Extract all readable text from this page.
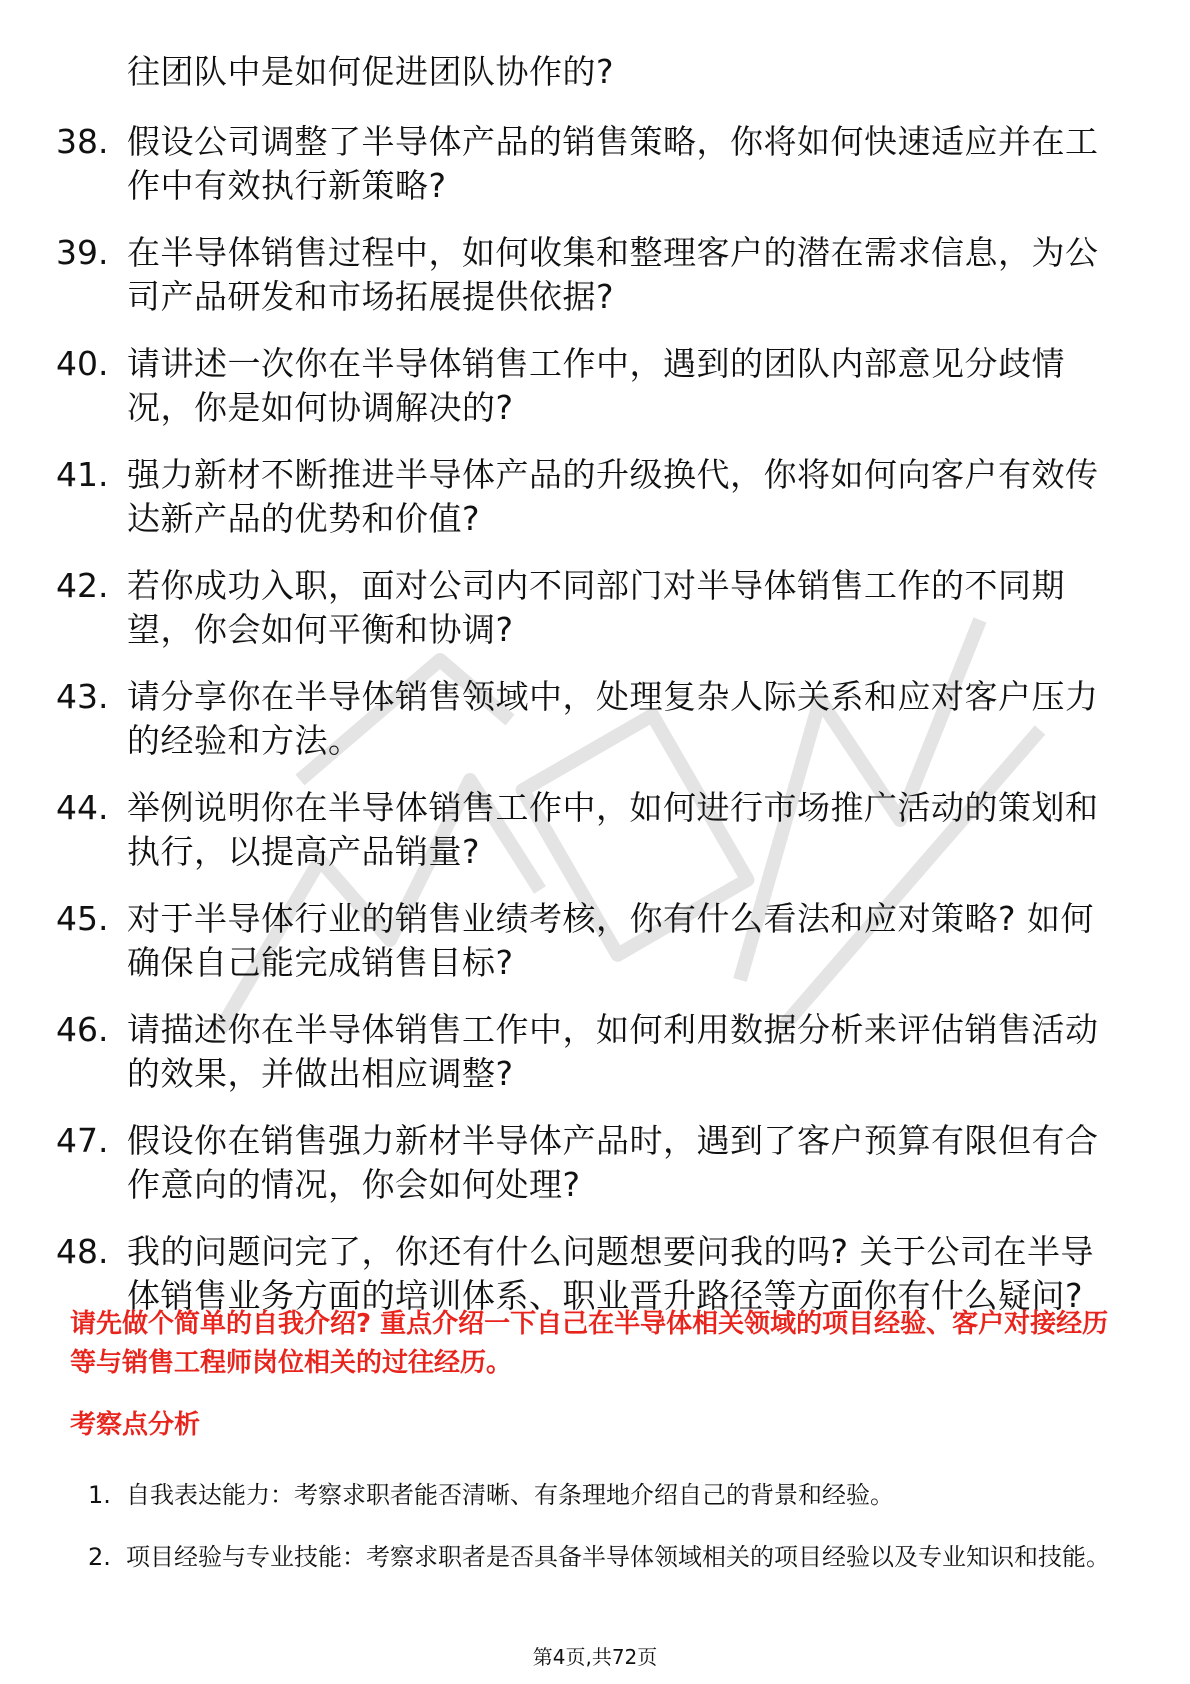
往团队中是如何促进团队协作的?
38. 假设公司调整了半导体产品的销售策略，你将如何快速适应并在工作中有效执行新策略?
39. 在半导体销售过程中，如何收集和整理客户的潜在需求信息，为公司产品研发和市场拓展提供依据?
40. 请讲述一次你在半导体销售工作中，遇到的团队内部意见分歧情况，你是如何协调解决的?
41. 强力新材不断推进半导体产品的升级换代，你将如何向客户有效传达新产品的优势和价值?
42. 若你成功入职，面对公司内不同部门对半导体销售工作的不同期望，你会如何平衡和协调?
43. 请分享你在半导体销售领域中，处理复杂人际关系和应对客户压力的经验和方法。
44. 举例说明你在半导体销售工作中，如何进行市场推广活动的策划和执行，以提高产品销量?
45. 对于半导体行业的销售业绩考核，你有什么看法和应对策略? 如何确保自己能完成销售目标?
46. 请描述你在半导体销售工作中，如何利用数据分析来评估销售活动的效果，并做出相应调整?
47. 假设你在销售强力新材半导体产品时，遇到了客户预算有限但有合作意向的情况，你会如何处理?
48. 我的问题问完了，你还有什么问题想要问我的吗? 关于公司在半导体销售业务方面的培训体系、职业晋升路径等方面你有什么疑问?
请先做个简单的自我介绍? 重点介绍一下自己在半导体相关领域的项目经验、客户对接经历等与销售工程师岗位相关的过往经历。
考察点分析
1. 自我表达能力：考察求职者能否清晰、有条理地介绍自己的背景和经验。
2. 项目经验与专业技能：考察求职者是否具备半导体领域相关的项目经验以及专业知识和技能。
第4页,共72页
